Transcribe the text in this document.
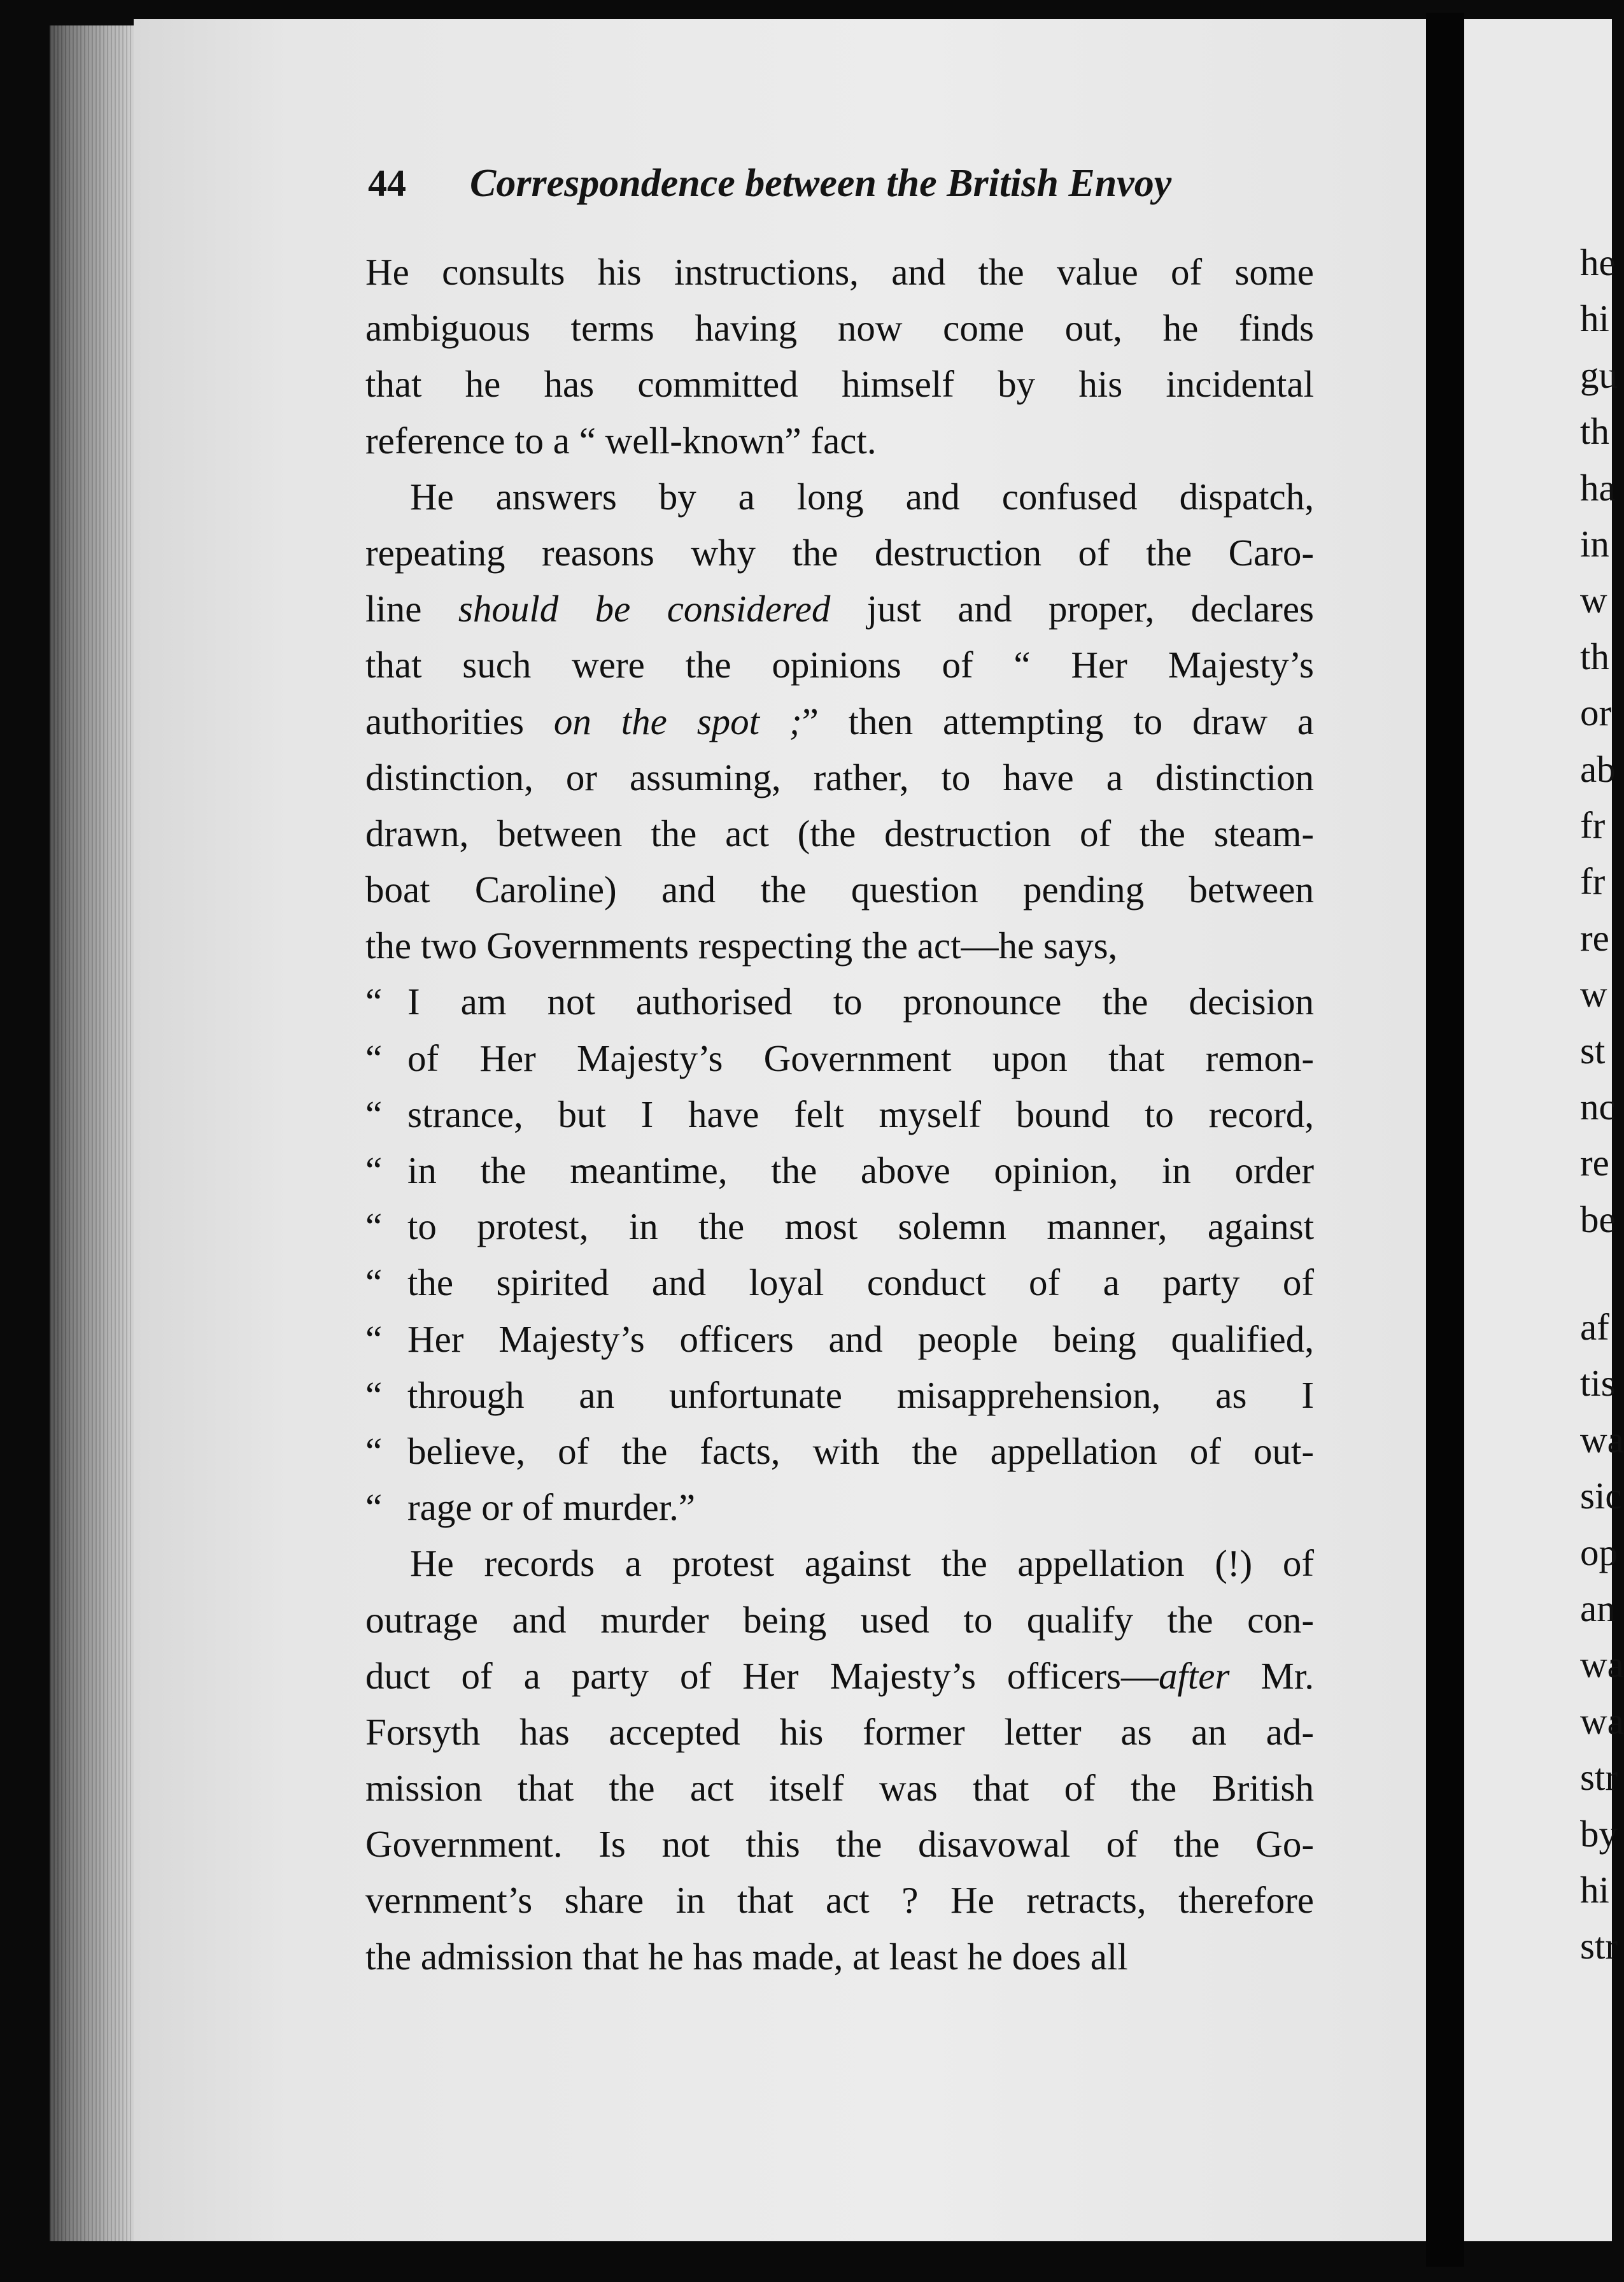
44 Correspondence between the British Envoy
He consults his instructions, and the value of some
ambiguous terms having now come out, he finds
that he has committed himself by his incidental
reference to a “ well-known” fact.
He answers by a long and confused dispatch,
repeating reasons why the destruction of the Caro-
line should be considered just and proper, declares
that such were the opinions of “ Her Majesty’s
authorities on the spot ;” then attempting to draw a
distinction, or assuming, rather, to have a distinction
drawn, between the act (the destruction of the steam-
boat Caroline) and the question pending between
the two Governments respecting the act—he says,
“ I am not authorised to pronounce the decision
“ of Her Majesty’s Government upon that remon-
“ strance, but I have felt myself bound to record,
“ in the meantime, the above opinion, in order
“ to protest, in the most solemn manner, against
“ the spirited and loyal conduct of a party of
“ Her Majesty’s officers and people being qualified,
“ through an unfortunate misapprehension, as I
“ believe, of the facts, with the appellation of out-
“ rage or of murder.”
He records a protest against the appellation (!) of
outrage and murder being used to qualify the con-
duct of a party of Her Majesty’s officers—after Mr.
Forsyth has accepted his former letter as an ad-
mission that the act itself was that of the British
Government. Is not this the disavowal of the Go-
vernment’s share in that act ? He retracts, therefore
the admission that he has made, at least he does all
he
hi
gu
th
ha
in
w
th
or
ab
fr
fr
re
w
st
nc
re
be
af
tis
wa
sic
op
an
wa
wa
str
by
hi
str
